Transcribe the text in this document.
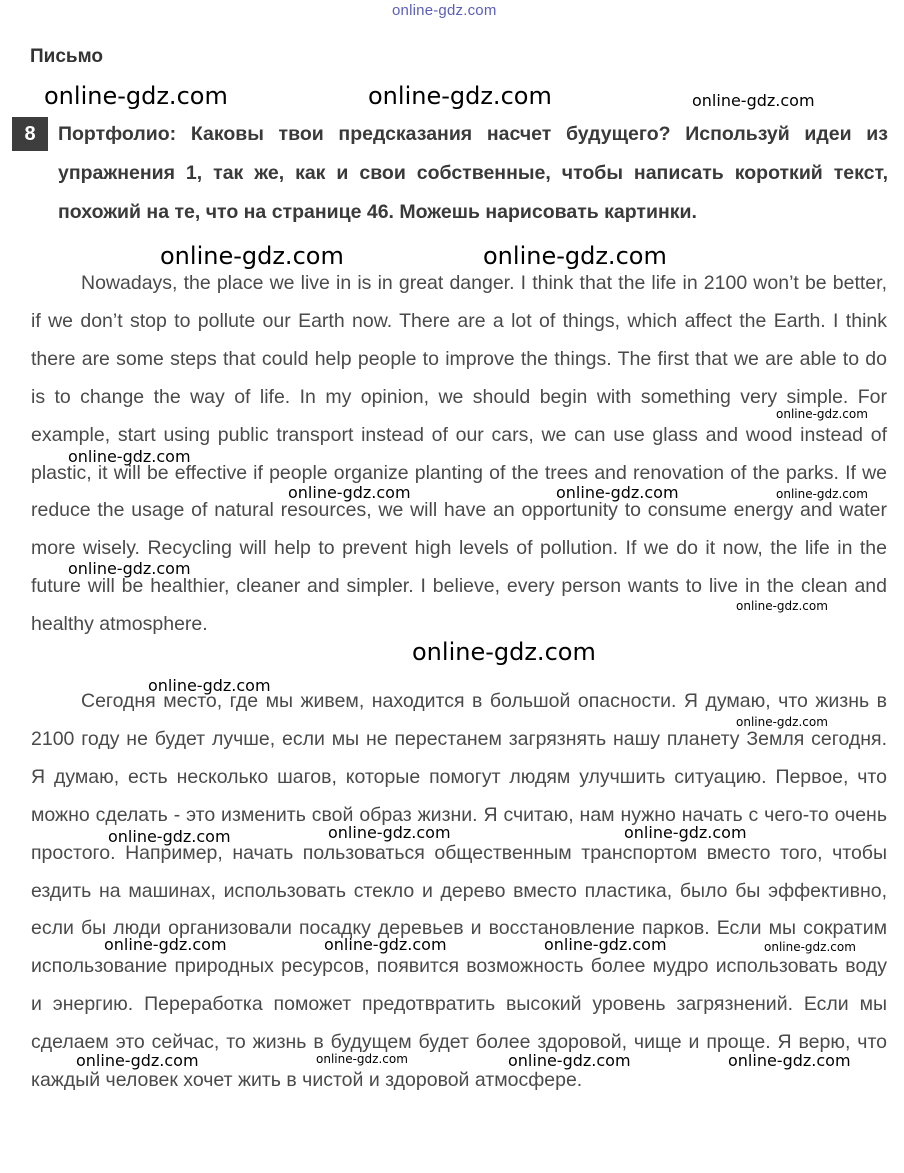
online-gdz.com
Письмо
8	Портфолио: Каковы твои предсказания насчет будущего? Используй идеи из упражнения 1, так же, как и свои собственные, чтобы написать короткий текст, похожий на те, что на странице 46. Можешь нарисовать картинки.

Nowadays, the place we live in is in great danger. I think that the life in 2100 won’t be better, if we don’t stop to pollute our Earth now. There are a lot of things, which affect the Earth. I think there are some steps that could help people to improve the things. The first that we are able to do is to change the way of life. In my opinion, we should begin with something very simple. For example, start using public transport instead of our cars, we can use glass and wood instead of plastic, it will be effective if people organize planting of the trees and renovation of the parks. If we reduce the usage of natural resources, we will have an opportunity to consume energy and water more wisely. Recycling will help to prevent high levels of pollution. If we do it now, the life in the future will be healthier, cleaner and simpler. I believe, every person wants to live in the clean and healthy atmosphere.

Сегодня место, где мы живем, находится в большой опасности. Я думаю, что жизнь в 2100 году не будет лучше, если мы не перестанем загрязнять нашу планету Земля сегодня. Я думаю, есть несколько шагов, которые помогут людям улучшить ситуацию. Первое, что можно сделать - это изменить свой образ жизни. Я считаю, нам нужно начать с чего-то очень простого. Например, начать пользоваться общественным транспортом вместо того, чтобы ездить на машинах, использовать стекло и дерево вместо пластика, было бы эффективно, если бы люди организовали посадку деревьев и восстановление парков. Если мы сократим использование природных ресурсов, появится возможность более мудро использовать воду и энергию. Переработка поможет предотвратить высокий уровень загрязнений. Если мы сделаем это сейчас, то жизнь в будущем будет более здоровой, чище и проще. Я верю, что каждый человек хочет жить в чистой и здоровой атмосфере.

online-gdz.com	online-gdz.com	online-gdz.com
online-gdz.com	online-gdz.com
online-gdz.com
online-gdz.com
online-gdz.com	online-gdz.com	online-gdz.com
online-gdz.com
online-gdz.com
online-gdz.com
online-gdz.com
online-gdz.com
online-gdz.com	online-gdz.com	online-gdz.com
online-gdz.com	online-gdz.com	online-gdz.com	online-gdz.com
online-gdz.com	online-gdz.com	online-gdz.com	online-gdz.com
